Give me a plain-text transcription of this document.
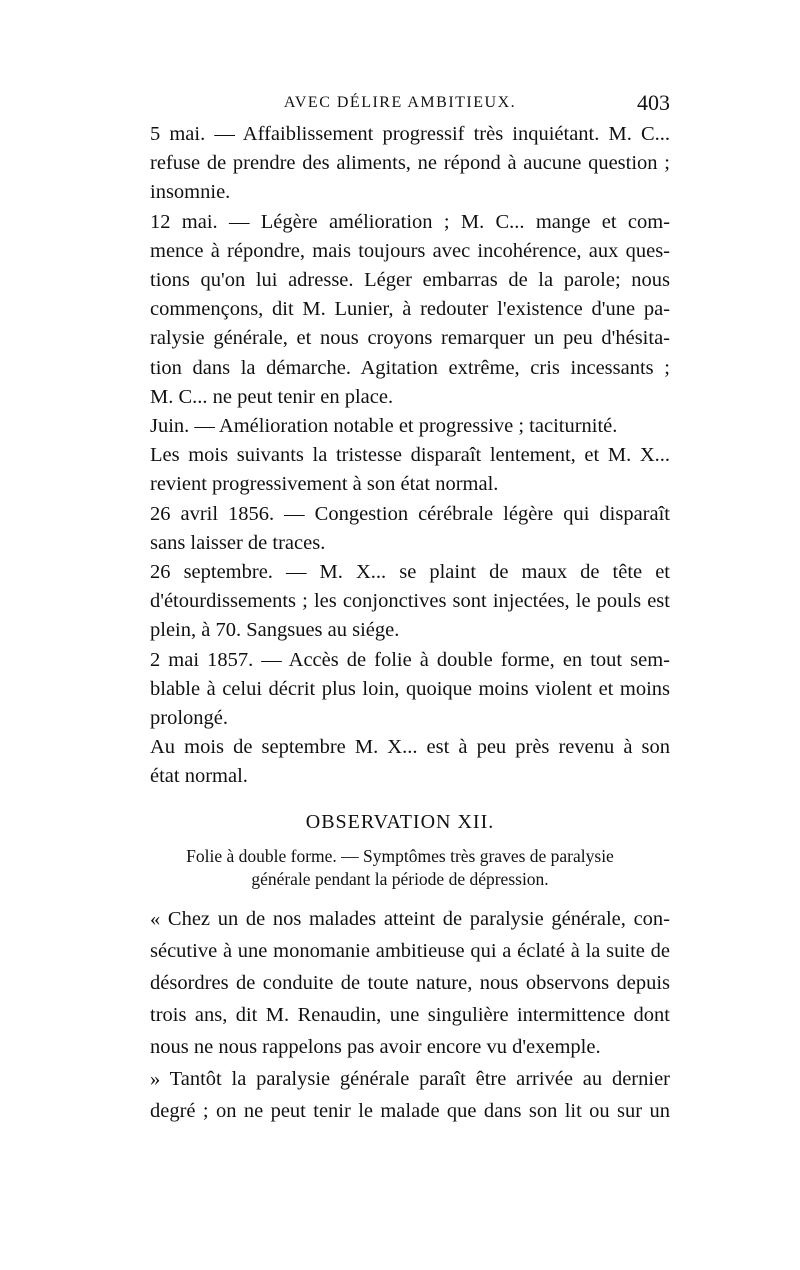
AVEC DÉLIRE AMBITIEUX.	403

5 mai. — Affaiblissement progressif très inquiétant. M. C...
refuse de prendre des aliments, ne répond à aucune question ;
insomnie.

12 mai. — Légère amélioration ; M. C... mange et com-
mence à répondre, mais toujours avec incohérence, aux ques-
tions qu'on lui adresse. Léger embarras de la parole; nous
commençons, dit M. Lunier, à redouter l'existence d'une pa-
ralysie générale, et nous croyons remarquer un peu d'hésita-
tion dans la démarche. Agitation extrême, cris incessants ;
M. C... ne peut tenir en place.

Juin. — Amélioration notable et progressive ; taciturnité.

Les mois suivants la tristesse disparaît lentement, et M. X...
revient progressivement à son état normal.

26 avril 1856. — Congestion cérébrale légère qui disparaît
sans laisser de traces.

26 septembre. — M. X... se plaint de maux de tête et
d'étourdissements ; les conjonctives sont injectées, le pouls est
plein, à 70. Sangsues au siége.

2 mai 1857. — Accès de folie à double forme, en tout sem-
blable à celui décrit plus loin, quoique moins violent et moins
prolongé.

Au mois de septembre M. X... est à peu près revenu à son
état normal.

OBSERVATION XII.

Folie à double forme. — Symptômes très graves de paralysie
générale pendant la période de dépression.

« Chez un de nos malades atteint de paralysie générale, con-
sécutive à une monomanie ambitieuse qui a éclaté à la suite de
désordres de conduite de toute nature, nous observons depuis
trois ans, dit M. Renaudin, une singulière intermittence dont
nous ne nous rappelons pas avoir encore vu d'exemple.

» Tantôt la paralysie générale paraît être arrivée au dernier
degré ; on ne peut tenir le malade que dans son lit ou sur un
